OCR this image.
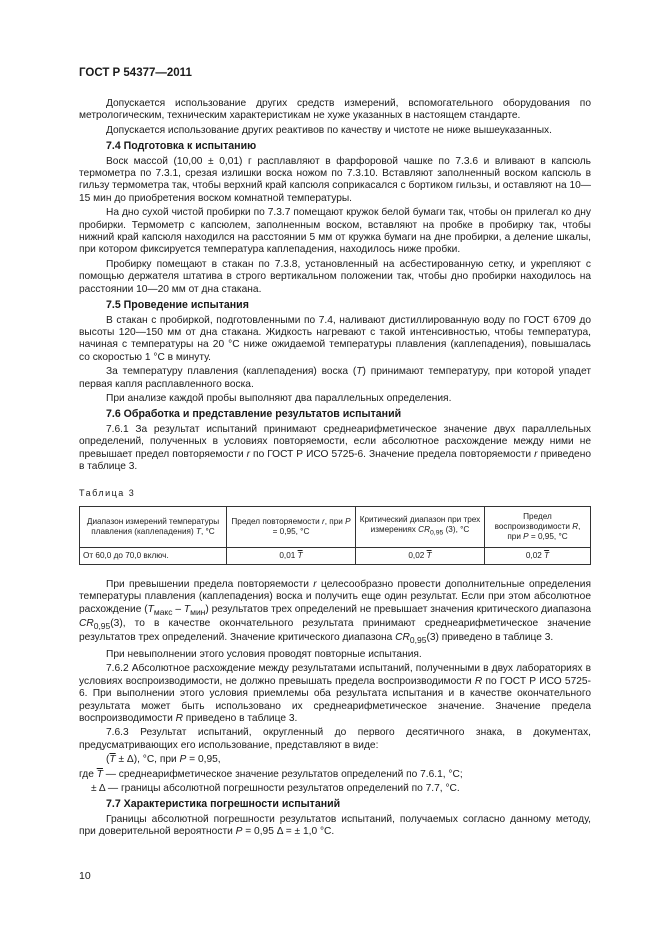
ГОСТ Р 54377—2011

Допускается использование других средств измерений, вспомогательного оборудования по метрологическим, техническим характеристикам не хуже указанных в настоящем стандарте.

Допускается использование других реактивов по качеству и чистоте не ниже вышеуказанных.

7.4 Подготовка к испытанию

Воск массой (10,00 ± 0,01) г расплавляют в фарфоровой чашке по 7.3.6 и вливают в капсюль термометра по 7.3.1, срезая излишки воска ножом по 7.3.10. Вставляют заполненный воском капсюль в гильзу термометра так, чтобы верхний край капсюля соприкасался с бортиком гильзы, и оставляют на 10—15 мин до приобретения воском комнатной температуры.

На дно сухой чистой пробирки по 7.3.7 помещают кружок белой бумаги так, чтобы он прилегал ко дну пробирки. Термометр с капсюлем, заполненным воском, вставляют на пробке в пробирку так, чтобы нижний край капсюля находился на расстоянии 5 мм от кружка бумаги на дне пробирки, а деление шкалы, при котором фиксируется температура каплепадения, находилось ниже пробки.

Пробирку помещают в стакан по 7.3.8, установленный на асбестированную сетку, и укрепляют с помощью держателя штатива в строго вертикальном положении так, чтобы дно пробирки находилось на расстоянии 10—20 мм от дна стакана.

7.5 Проведение испытания

В стакан с пробиркой, подготовленными по 7.4, наливают дистиллированную воду по ГОСТ 6709 до высоты 120—150 мм от дна стакана. Жидкость нагревают с такой интенсивностью, чтобы температура, начиная с температуры на 20 °С ниже ожидаемой температуры плавления (каплепадения), повышалась со скоростью 1 °С в минуту.

За температуру плавления (каплепадения) воска (T) принимают температуру, при которой упадет первая капля расплавленного воска.

При анализе каждой пробы выполняют два параллельных определения.

7.6 Обработка и представление результатов испытаний

7.6.1 За результат испытаний принимают среднеарифметическое значение двух параллельных определений, полученных в условиях повторяемости, если абсолютное расхождение между ними не превышает предел повторяемости r по ГОСТ Р ИСО 5725-6. Значение предела повторяемости r приведено в таблице 3.

Таблица 3
Диапазон измерений температуры плавления (каплепадения) T, °С	Предел повторяемости r, при P = 0,95, °С	Критический диапазон при трех измерениях $CR_{0,95}$ (3), °С	Предел воспроизводимости R, при P = 0,95, °С
От 60,0 до 70,0 включ.	0,01 $\overline{T}$	0,02 $\overline{T}$	0,02 $\overline{T}$

При превышении предела повторяемости r целесообразно провести дополнительные определения температуры плавления (каплепадения) воска и получить еще один результат. Если при этом абсолютное расхождение $(T_{макс} - T_{мин})$ результатов трех определений не превышает значения критического диапазона $CR_{0,95}(3)$, то в качестве окончательного результата принимают среднеарифметическое значение результатов трех определений. Значение критического диапазона $CR_{0,95}(3)$ приведено в таблице 3.

При невыполнении этого условия проводят повторные испытания.

7.6.2 Абсолютное расхождение между результатами испытаний, полученными в двух лабораториях в условиях воспроизводимости, не должно превышать предела воспроизводимости R по ГОСТ Р ИСО 5725-6. При выполнении этого условия приемлемы оба результата испытания и в качестве окончательного результата может быть использовано их среднеарифметическое значение. Значение предела воспроизводимости R приведено в таблице 3.

7.6.3 Результат испытаний, округленный до первого десятичного знака, в документах, предусматривающих его использование, представляют в виде:

$(\overline{T} \pm \Delta)$, °С, при P = 0,95,

где $\overline{T}$ — среднеарифметическое значение результатов определений по 7.6.1, °С;

± Δ — границы абсолютной погрешности результатов определений по 7.7, °С.

7.7 Характеристика погрешности испытаний

Границы абсолютной погрешности результатов испытаний, получаемых согласно данному методу, при доверительной вероятности P = 0,95 Δ = ± 1,0 °С.

10
